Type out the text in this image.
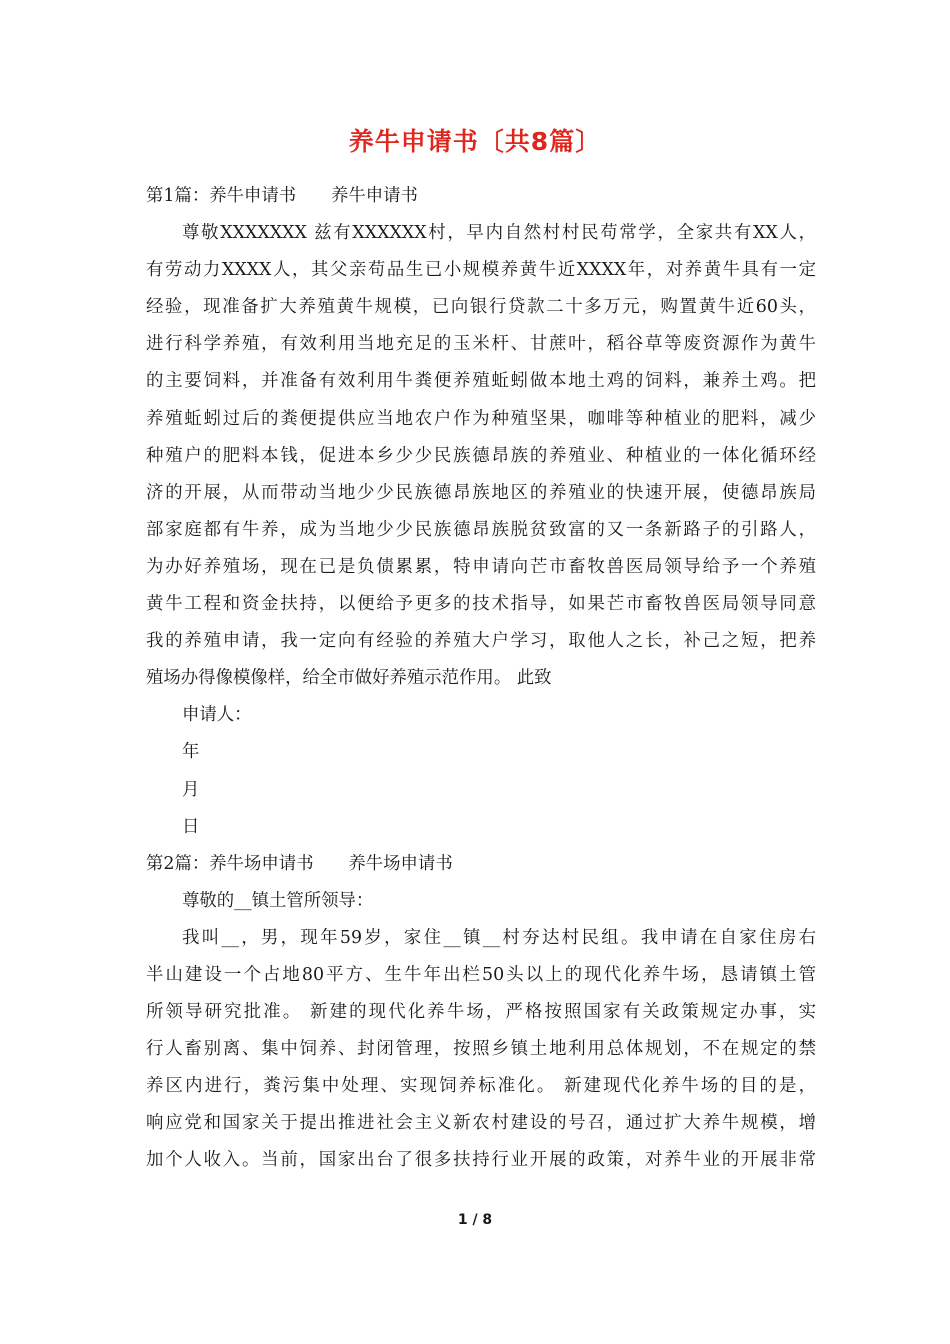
养牛申请书〔共8篇〕
第1篇：养牛申请书　　养牛申请书
尊敬XXXXXXX 兹有XXXXXX村，早内自然村村民苟常学，全家共有XX人，
有劳动力XXXX人，其父亲苟品生已小规模养黄牛近XXXX年，对养黄牛具有一定
经验，现准备扩大养殖黄牛规模，已向银行贷款二十多万元，购置黄牛近60头，
进行科学养殖，有效利用当地充足的玉米杆、甘蔗叶，稻谷草等废资源作为黄牛
的主要饲料，并准备有效利用牛粪便养殖蚯蚓做本地土鸡的饲料，兼养土鸡。把
养殖蚯蚓过后的粪便提供应当地农户作为种殖坚果，咖啡等种植业的肥料，减少
种殖户的肥料本钱，促进本乡少少民族德昂族的养殖业、种植业的一体化循环经
济的开展，从而带动当地少少民族德昂族地区的养殖业的快速开展，使德昂族局
部家庭都有牛养，成为当地少少民族德昂族脱贫致富的又一条新路子的引路人，
为办好养殖场，现在已是负债累累，特申请向芒市畜牧兽医局领导给予一个养殖
黄牛工程和资金扶持，以便给予更多的技术指导，如果芒市畜牧兽医局领导同意
我的养殖申请，我一定向有经验的养殖大户学习，取他人之长，补己之短，把养
殖场办得像模像样，给全市做好养殖示范作用。 此致
申请人：
年
月
日
第2篇：养牛场申请书　　养牛场申请书
尊敬的__镇土管所领导：
我叫__，男，现年59岁，家住__镇__村夯达村民组。我申请在自家住房右
半山建设一个占地80平方、生牛年出栏50头以上的现代化养牛场，恳请镇土管
所领导研究批准。 新建的现代化养牛场，严格按照国家有关政策规定办事，实
行人畜别离、集中饲养、封闭管理，按照乡镇土地利用总体规划，不在规定的禁
养区内进行，粪污集中处理、实现饲养标准化。 新建现代化养牛场的目的是，
响应党和国家关于提出推进社会主义新农村建设的号召，通过扩大养牛规模，增
加个人收入。当前，国家出台了很多扶持行业开展的政策，对养牛业的开展非常
1 / 8
